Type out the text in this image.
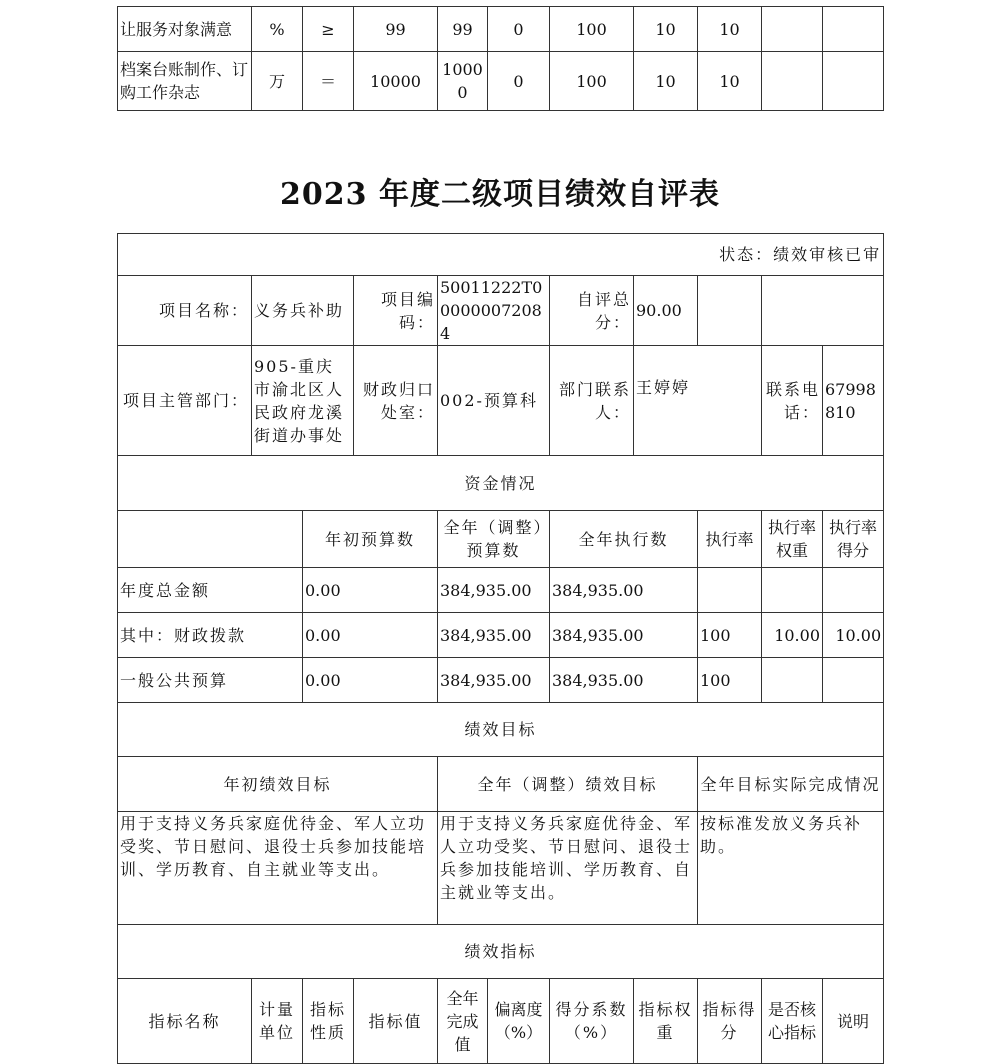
让服务对象满意	%	≥	99	99	0	100	10	10		
档案台账制作、订购工作杂志	万	＝	10000	10000	0	100	10	10		
2023 年度二级项目绩效自评表
状态：绩效审核已审										
项目名称：	义务兵补助		项目编码：	50011222T000000072084		自评总分：	90.00			
项目主管部门：	905-重庆市渝北区人民政府龙溪街道办事处		财政归口处室：	002-预算科		部门联系人：	王婷婷		联系电话：	67998810
资金情况										
		年初预算数		全年（调整）预算数		全年执行数		执行率	执行率权重	执行率得分
年度总金额		0.00		384,935.00		384,935.00				
其中：财政拨款		0.00		384,935.00		384,935.00		100	10.00	10.00
一般公共预算		0.00		384,935.00		384,935.00		100		
绩效目标										
年初绩效目标				全年（调整）绩效目标				全年目标实际完成情况		
用于支持义务兵家庭优待金、军人立功受奖、节日慰问、退役士兵参加技能培训、学历教育、自主就业等支出。				用于支持义务兵家庭优待金、军人立功受奖、节日慰问、退役士兵参加技能培训、学历教育、自主就业等支出。				按标准发放义务兵补助。		
绩效指标										
指标名称	计量单位	指标性质	指标值	全年完成值	偏离度（%）	得分系数（%）	指标权重	指标得分	是否核心指标	说明
